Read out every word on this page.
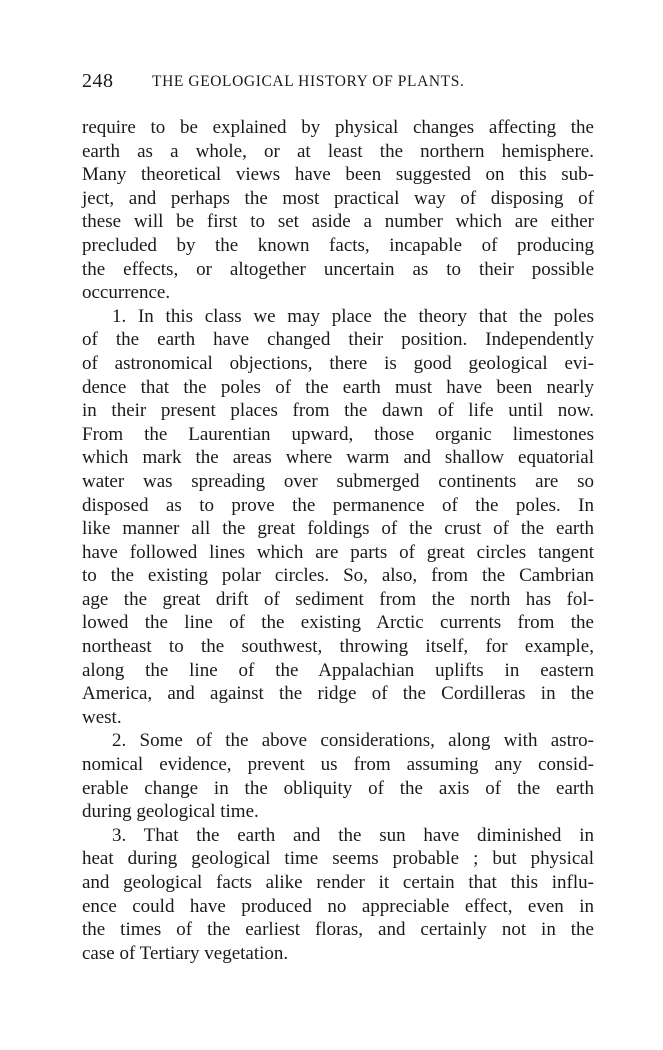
248 THE GEOLOGICAL HISTORY OF PLANTS.
require to be explained by physical changes affecting the
earth as a whole, or at least the northern hemisphere.
Many theoretical views have been suggested on this sub-
ject, and perhaps the most practical way of disposing of
these will be first to set aside a number which are either
precluded by the known facts, incapable of producing
the effects, or altogether uncertain as to their possible
occurrence.
1. In this class we may place the theory that the poles
of the earth have changed their position. Independently
of astronomical objections, there is good geological evi-
dence that the poles of the earth must have been nearly
in their present places from the dawn of life until now.
From the Laurentian upward, those organic limestones
which mark the areas where warm and shallow equatorial
water was spreading over submerged continents are so
disposed as to prove the permanence of the poles. In
like manner all the great foldings of the crust of the earth
have followed lines which are parts of great circles tangent
to the existing polar circles. So, also, from the Cambrian
age the great drift of sediment from the north has fol-
lowed the line of the existing Arctic currents from the
northeast to the southwest, throwing itself, for example,
along the line of the Appalachian uplifts in eastern
America, and against the ridge of the Cordilleras in the
west.
2. Some of the above considerations, along with astro-
nomical evidence, prevent us from assuming any consid-
erable change in the obliquity of the axis of the earth
during geological time.
3. That the earth and the sun have diminished in
heat during geological time seems probable ; but physical
and geological facts alike render it certain that this influ-
ence could have produced no appreciable effect, even in
the times of the earliest floras, and certainly not in the
case of Tertiary vegetation.
